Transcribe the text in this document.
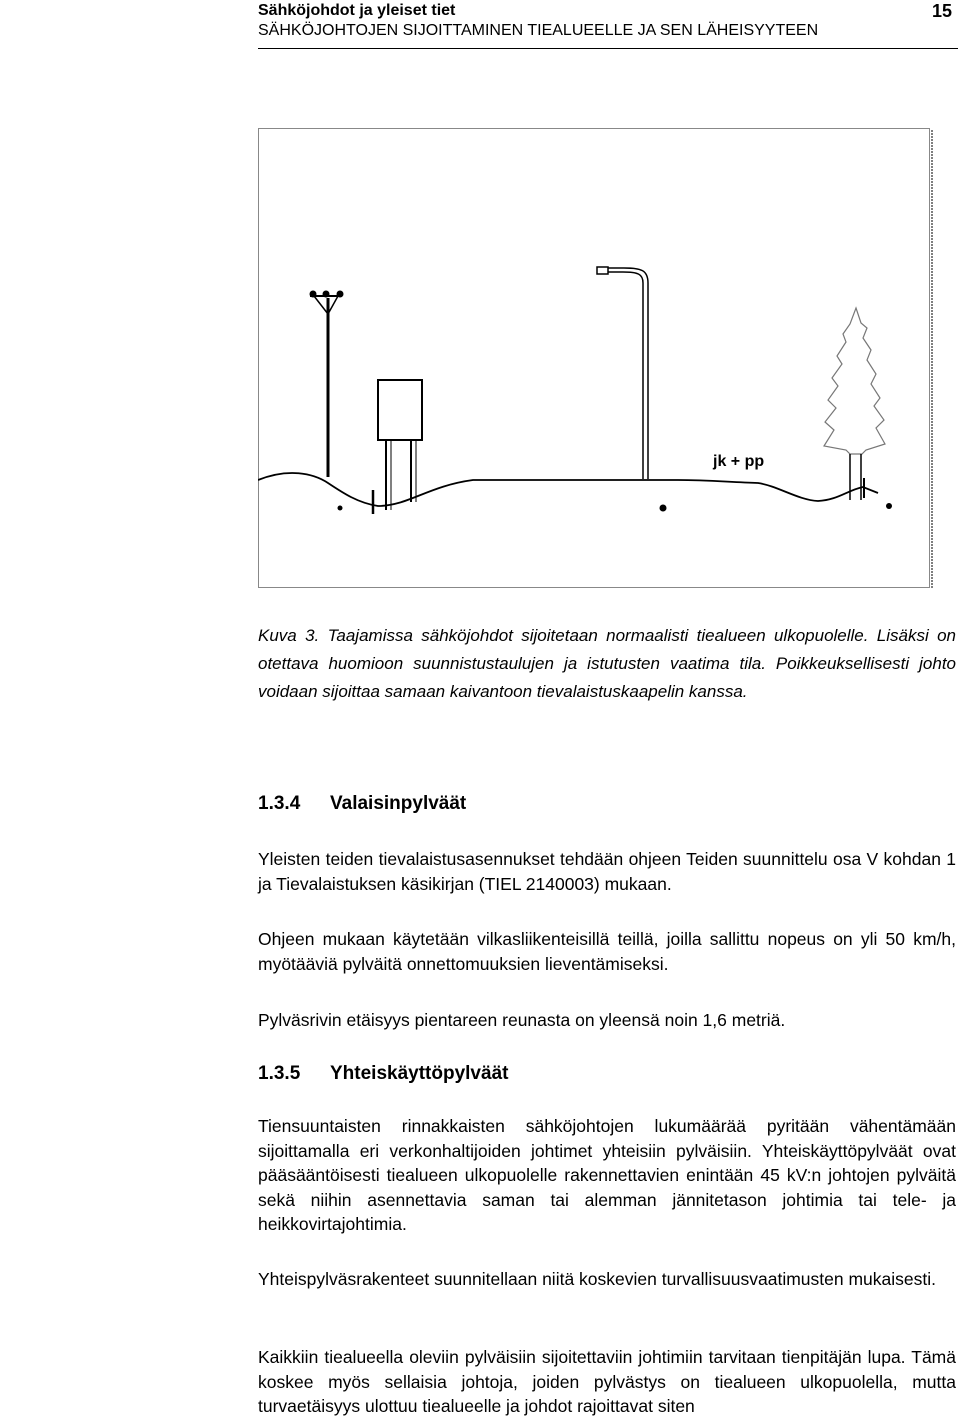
Sähköjohdot ja yleiset tiet
SÄHKÖJOHTOJEN SIJOITTAMINEN TIEALUEELLE JA SEN LÄHEISYYTEEN
15
jk + pp
Kuva 3. Taajamissa sähköjohdot sijoitetaan normaalisti tiealueen ulkopuolelle. Lisäksi on otettava huomioon suunnistustaulujen ja istutusten vaatima tila. Poikkeuksellisesti johto voidaan sijoittaa samaan kaivantoon tievalaistuskaapelin kanssa.
1.3.4	Valaisinpylväät
Yleisten teiden tievalaistusasennukset tehdään ohjeen Teiden suunnittelu osa V kohdan 1 ja Tievalaistuksen käsikirjan (TIEL 2140003) mukaan.
Ohjeen mukaan käytetään vilkasliikenteisillä teillä, joilla sallittu nopeus on yli 50 km/h, myötääviä pylväitä onnettomuuksien lieventämiseksi.
Pylväsrivin etäisyys pientareen reunasta on yleensä noin 1,6 metriä.
1.3.5	Yhteiskäyttöpylväät
Tiensuuntaisten rinnakkaisten sähköjohtojen lukumäärää pyritään vähentämään sijoittamalla eri verkonhaltijoiden johtimet yhteisiin pylväisiin. Yhteiskäyttöpylväät ovat pääsääntöisesti tiealueen ulkopuolelle rakennettavien enintään 45 kV:n johtojen pylväitä sekä niihin asennettavia saman tai alemman jännitetason johtimia tai tele- ja heikkovirtajohtimia.
Yhteispylväsrakenteet suunnitellaan niitä koskevien turvallisuusvaatimusten mukaisesti.
Kaikkiin tiealueella oleviin pylväisiin sijoitettaviin johtimiin tarvitaan tienpitäjän lupa. Tämä koskee myös sellaisia johtoja, joiden pylvästys on tiealueen ulkopuolella, mutta turvaetäisyys ulottuu tiealueelle ja johdot rajoittavat siten
